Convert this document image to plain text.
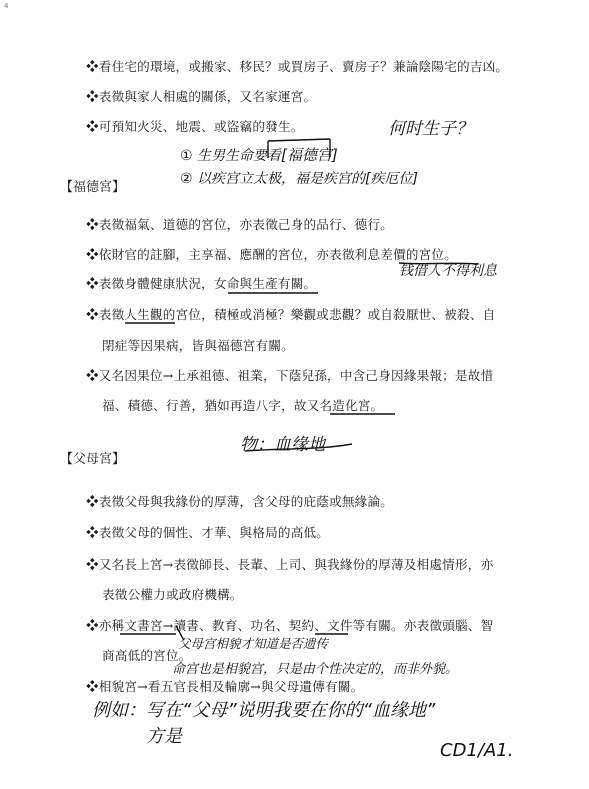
4
❖看住宅的環境，或搬家、移民？或買房子、賣房子？兼論陰陽宅的吉凶。
❖表徵與家人相處的關係，又名家運宮。
❖可預知火災、地震、或盜竊的發生。	何时生子？
① 生男生命要看[福德宫]
② 以疾宫立太极，福是疾宫的[疾厄位]
【福德宮】
❖表徵福氣、道德的宮位，亦表徵己身的品行、德行。
❖依財官的註腳，主享福、應酬的宮位，亦表徵利息差價的宮位。
钱借人不得利息
❖表徵身體健康狀況，女命與生產有關。
❖表徵人生觀的宮位，積極或消極？樂觀或悲觀？或自殺厭世、被殺、自
閉症等因果病，皆與福德宮有關。
❖又名因果位→上承祖德、祖業，下蔭兒孫，中含己身因緣果報；是故惜
福、積德、行善，猶如再造八字，故又名造化宮。
物：血缘地
【父母宮】
❖表徵父母與我緣份的厚薄，含父母的庇蔭或無緣論。
❖表徵父母的個性、才華、與格局的高低。
❖又名長上宮→表徵師長、長輩、上司、與我緣份的厚薄及相處情形，亦
表徵公權力或政府機構。
❖亦稱文書宮→讀書、教育、功名、契約、文件等有關。亦表徵頭腦、智
父母宫相貌才知道是否遗传
商高低的宮位。
命宫也是相貌宫，只是由个性决定的，而非外貌。
❖相貌宮→看五官長相及輪廓→與父母遺傳有關。
例如：写在“父母”说明我要在你的“血缘地”
方是
CD1/A1.
